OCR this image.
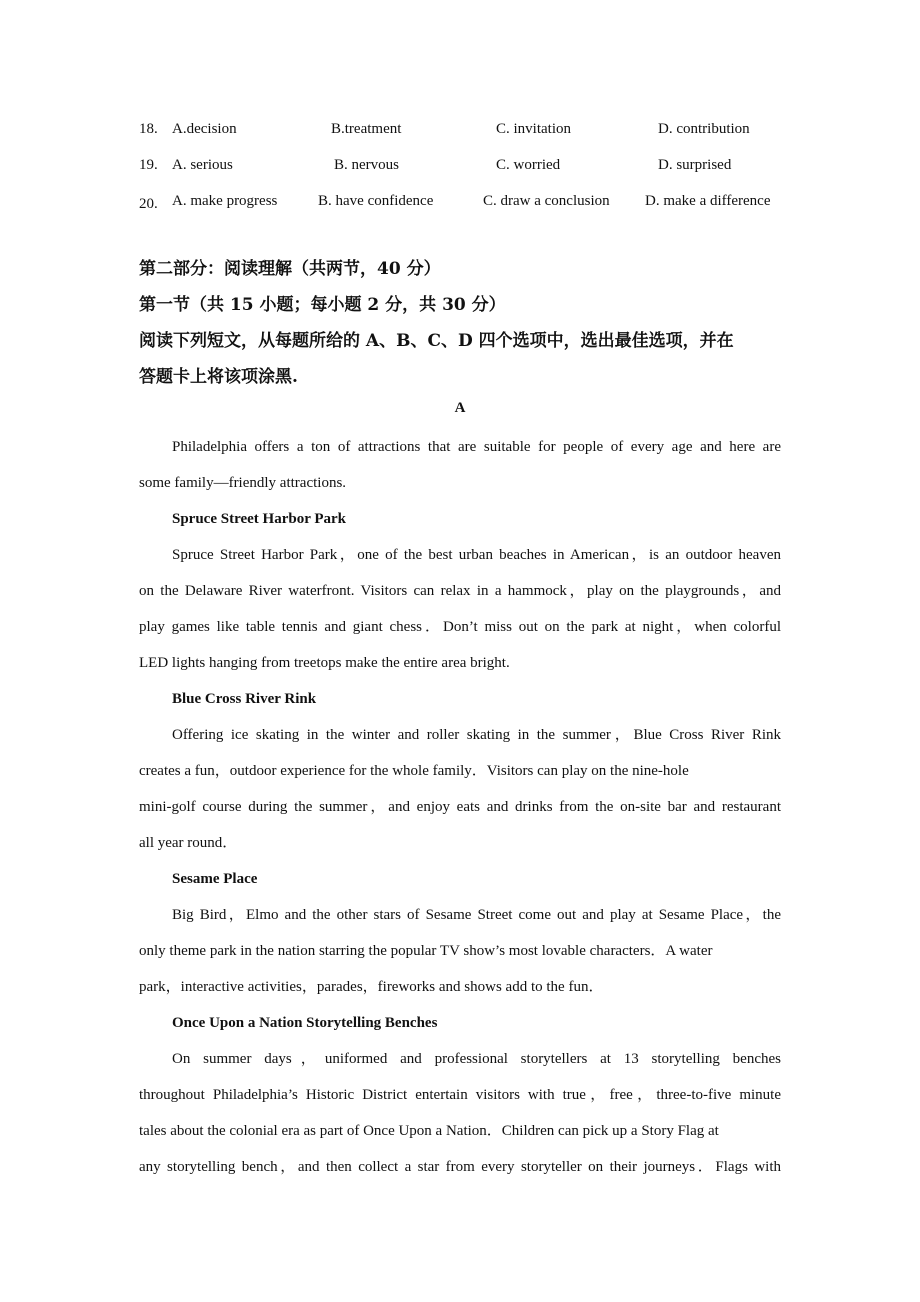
18. A.decision	B.treatment	C. invitation	D. contribution
19. A. serious	B. nervous	C. worried	D. surprised
20. A. make progress	B. have confidence	C. draw a conclusion D. make a difference
第二部分：阅读理解（共两节，40 分）
第一节（共 15 小题；每小题 2 分，共 30 分）
阅读下列短文，从每题所给的 A、B、C、D 四个选项中，选出最佳选项，并在
答题卡上将该项涂黑.
A
Philadelphia offers a ton of attractions that are suitable for people of every age and here are
some family—friendly attractions.
Spruce Street Harbor Park
Spruce Street Harbor Park，one of the best urban beaches in American，is an outdoor heaven
on the Delaware River waterfront. Visitors can relax in a hammock，play on the playgrounds，and
play games like table tennis and giant chess．Don’t miss out on the park at night，when colorful
LED lights hanging from treetops make the entire area bright.
Blue Cross River Rink
Offering ice skating in the winter and roller skating in the summer，Blue Cross River Rink
creates a fun，outdoor experience for the whole family．Visitors can play on the nine-hole
mini-golf course during the summer，and enjoy eats and drinks from the on-site bar and restaurant
all year round．
Sesame Place
Big Bird，Elmo and the other stars of Sesame Street come out and play at Sesame Place，the
only theme park in the nation starring the popular TV show’s most lovable characters．A water
park，interactive activities，parades，fireworks and shows add to the fun．
Once Upon a Nation Storytelling Benches
On summer days，uniformed and professional storytellers at 13 storytelling benches
throughout Philadelphia’s Historic District entertain visitors with true，free，three-to-five minute
tales about the colonial era as part of Once Upon a Nation．Children can pick up a Story Flag at
any storytelling bench，and then collect a star from every storyteller on their journeys．Flags with
